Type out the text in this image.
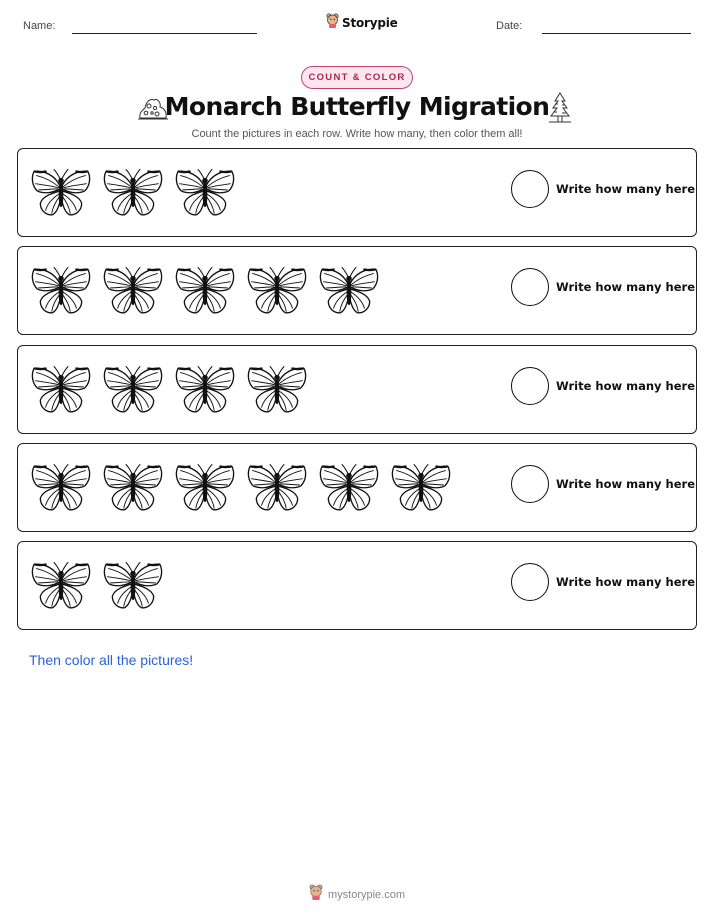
Name:	Storypie	Date:
COUNT & COLOR
Monarch Butterfly Migration
Count the pictures in each row. Write how many, then color them all!
Write how many here
Write how many here
Write how many here
Write how many here
Write how many here
Then color all the pictures!
mystorypie.com
